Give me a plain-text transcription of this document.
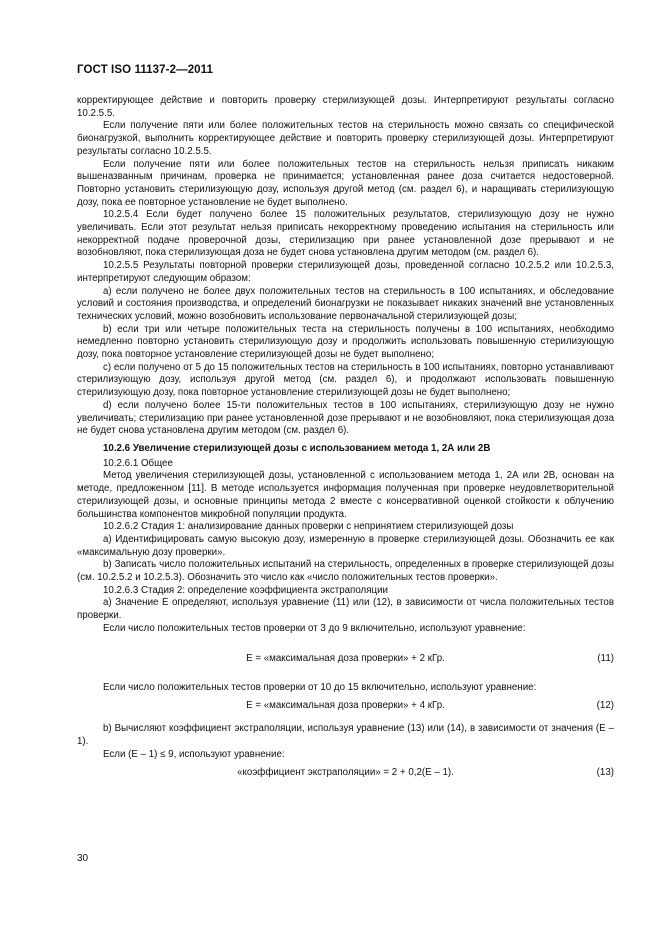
ГОСТ ISO 11137-2—2011

корректирующее действие и повторить проверку стерилизующей дозы. Интерпретируют результаты согласно 10.2.5.5.

Если получение пяти или более положительных тестов на стерильность можно связать со специфической бионагрузкой, выполнить корректирующее действие и повторить проверку стерилизующей дозы. Интерпретируют результаты согласно 10.2.5.5.

Если получение пяти или более положительных тестов на стерильность нельзя приписать никаким вышеназванным причинам, проверка не принимается; установленная ранее доза считается недостоверной. Повторно установить стерилизующую дозу, используя другой метод (см. раздел 6), и наращивать стерилизующую дозу, пока ее повторное установление не будет выполнено.

10.2.5.4 Если будет получено более 15 положительных результатов, стерилизующую дозу не нужно увеличивать. Если этот результат нельзя приписать некорректному проведению испытания на стерильность или некорректной подаче проверочной дозы, стерилизацию при ранее установленной дозе прерывают и не возобновляют, пока стерилизующая доза не будет снова установлена другим методом (см. раздел 6).

10.2.5.5 Результаты повторной проверки стерилизующей дозы, проведенной согласно 10.2.5.2 или 10.2.5.3, интерпретируют следующим образом:

a) если получено не более двух положительных тестов на стерильность в 100 испытаниях, и обследование условий и состояния производства, и определений бионагрузки не показывает никаких значений вне установленных технических условий, можно возобновить использование первоначальной стерилизующей дозы;

b) если три или четыре положительных теста на стерильность получены в 100 испытаниях, необходимо немедленно повторно установить стерилизующую дозу и продолжить использовать повышенную стерилизующую дозу, пока повторное установление стерилизующей дозы не будет выполнено;

c) если получено от 5 до 15 положительных тестов на стерильность в 100 испытаниях, повторно устанавливают стерилизующую дозу, используя другой метод (см. раздел 6), и продолжают использовать повышенную стерилизующую дозу, пока повторное установление стерилизующей дозы не будет выполнено;

d) если получено более 15-ти положительных тестов в 100 испытаниях, стерилизующую дозу не нужно увеличивать; стерилизацию при ранее установленной дозе прерывают и не возобновляют, пока стерилизующая доза не будет снова установлена другим методом (см. раздел 6).

10.2.6 Увеличение стерилизующей дозы с использованием метода 1, 2А или 2В

10.2.6.1 Общее

Метод увеличения стерилизующей дозы, установленной с использованием метода 1, 2А или 2В, основан на методе, предложенном [11]. В методе используется информация полученная при проверке неудовлетворительной стерилизующей дозы, и основные принципы метода 2 вместе с консервативной оценкой стойкости к облучению большинства компонентов микробной популяции продукта.

10.2.6.2 Стадия 1: анализирование данных проверки с непринятием стерилизующей дозы

a) Идентифицировать самую высокую дозу, измеренную в проверке стерилизующей дозы. Обозначить ее как «максимальную дозу проверки».

b) Записать число положительных испытаний на стерильность, определенных в проверке стерилизующей дозы (см. 10.2.5.2 и 10.2.5.3). Обозначить это число как «число положительных тестов проверки».

10.2.6.3 Стадия 2: определение коэффициента экстраполяции

a) Значение E определяют, используя уравнение (11) или (12), в зависимости от числа положительных тестов проверки.

Если число положительных тестов проверки от 3 до 9 включительно, используют уравнение:

E = «максимальная доза проверки» + 2 кГр.	(11)

Если число положительных тестов проверки от 10 до 15 включительно, используют уравнение:

E = «максимальная доза проверки» + 4 кГр.	(12)

b) Вычисляют коэффициент экстраполяции, используя уравнение (13) или (14), в зависимости от значения (E – 1).

Если (E – 1) ≤ 9, используют уравнение:

«коэффициент экстраполяции» = 2 + 0,2(E – 1).	(13)
30
